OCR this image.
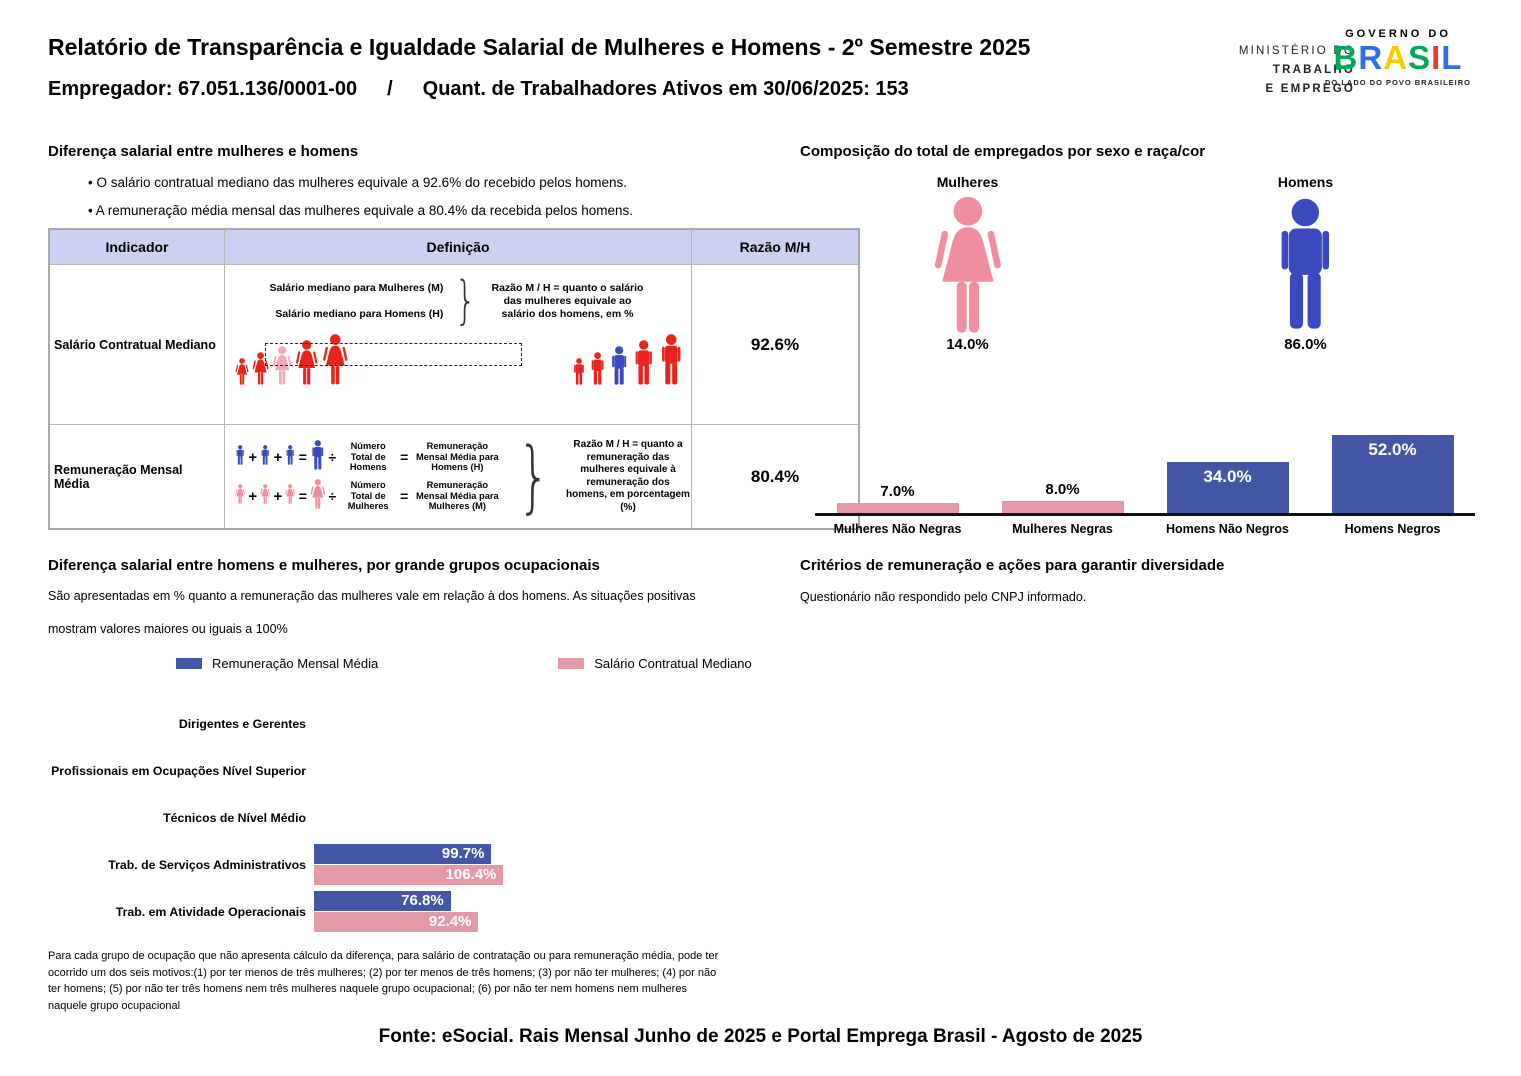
Relatório de Transparência e Igualdade Salarial de Mulheres e Homens - 2º Semestre 2025
Empregador: 67.051.136/0001-00 / Quant. de Trabalhadores Ativos em 30/06/2025: 153
MINISTÉRIO DO
TRABALHO
E EMPREGO
GOVERNO DO
BRASIL
DO LADO DO POVO BRASILEIRO
Diferença salarial entre mulheres e homens
• O salário contratual mediano das mulheres equivale a 92.6% do recebido pelos homens.
• A remuneração média mensal das mulheres equivale a 80.4% da recebida pelos homens.
Indicador	Definição	Razão M/H
Salário Contratual Mediano	Salário mediano para Mulheres (M)
Salário mediano para Homens (H) } Razão M / H = quanto o salário das mulheres equivale ao salário dos homens, em %	92.6%
Remuneração Mensal Média	
+ + = ÷
Número Total de Homens
=
Remuneração Mensal Média para Homens (H)
+ + = ÷
Número Total de Mulheres
=
Remuneração Mensal Média para Mulheres (M) }	Razão M / H = quanto a remuneração das mulheres equivale à remuneração dos homens, em porcentagem (%)
	80.4%
Composição do total de empregados por sexo e raça/cor
Mulheres	Homens
14.0%	86.0%
7.0%	8.0%
34.0%
52.0%
Mulheres Não Negras	Mulheres Negras	Homens Não Negros	Homens Negros
Diferença salarial entre homens e mulheres, por grande grupos ocupacionais
São apresentadas em % quanto a remuneração das mulheres vale em relação à dos homens. As situações positivas
mostram valores maiores ou iguais a 100%
Remuneração Mensal Média	Salário Contratual Mediano
Dirigentes e Gerentes
Profissionais em Ocupações Nível Superior
Técnicos de Nível Médio
Trab. de Serviços Administrativos
99.7%
106.4%
Trab. em Atividade Operacionais
76.8%
92.4%
Critérios de remuneração e ações para garantir diversidade
Questionário não respondido pelo CNPJ informado.
Para cada grupo de ocupação que não apresenta cálculo da diferença, para salário de contratação ou para remuneração média, pode ter ocorrido um dos seis motivos:(1) por ter menos de três mulheres; (2) por ter menos de três homens; (3) por não ter mulheres; (4) por não ter homens; (5) por não ter três homens nem três mulheres naquele grupo ocupacional; (6) por não ter nem homens nem mulheres naquele grupo ocupacional
Fonte: eSocial. Rais Mensal Junho de 2025 e Portal Emprega Brasil - Agosto de 2025
